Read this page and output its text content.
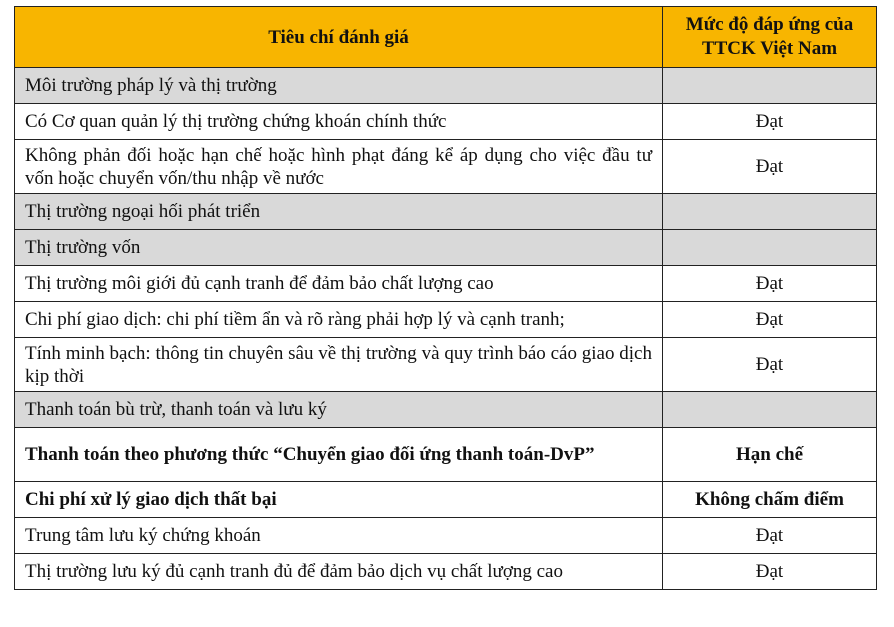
Tiêu chí đánh giá	Mức độ đáp ứng của TTCK Việt Nam
Môi trường pháp lý và thị trường	
Có Cơ quan quản lý thị trường chứng khoán chính thức	Đạt
Không phản đối hoặc hạn chế hoặc hình phạt đáng kể áp dụng cho việc đầu tư vốn hoặc chuyển vốn/thu nhập về nước	Đạt
Thị trường ngoại hối phát triển	
Thị trường vốn	
Thị trường môi giới đủ cạnh tranh để đảm bảo chất lượng cao	Đạt
Chi phí giao dịch: chi phí tiềm ẩn và rõ ràng phải hợp lý và cạnh tranh;	Đạt
Tính minh bạch: thông tin chuyên sâu về thị trường và quy trình báo cáo giao dịch kịp thời	Đạt
Thanh toán bù trừ, thanh toán và lưu ký	
Thanh toán theo phương thức “Chuyển giao đối ứng thanh toán-DvP”	Hạn chế
Chi phí xử lý giao dịch thất bại	Không chấm điểm
Trung tâm lưu ký chứng khoán	Đạt
Thị trường lưu ký đủ cạnh tranh đủ để đảm bảo dịch vụ chất lượng cao	Đạt
